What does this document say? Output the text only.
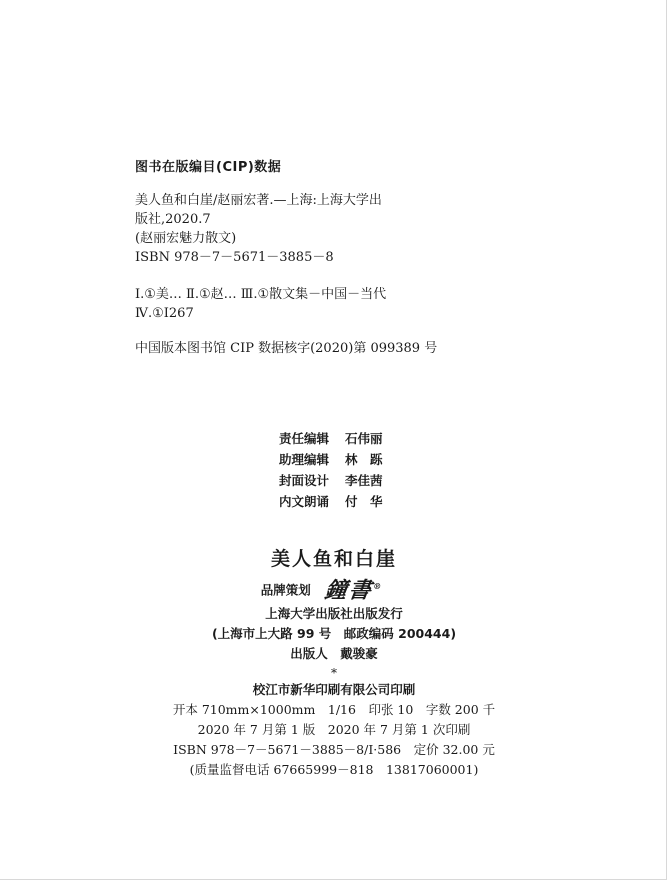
图书在版编目(CIP)数据
美人鱼和白崖/赵丽宏著.—上海:上海大学出
版社,2020.7
(赵丽宏魅力散文)
ISBN 978－7－5671－3885－8
Ⅰ.①美… Ⅱ.①赵… Ⅲ.①散文集－中国－当代
Ⅳ.①I267
中国版本图书馆 CIP 数据核字(2020)第 099389 号
责任编辑 石伟丽
助理编辑 林　跞
封面设计 李佳茜
内文朗诵 付　华
美人鱼和白崖
品牌策划 鐘書®
上海大学出版社出版发行
(上海市上大路 99 号　邮政编码 200444)
出版人　戴骏豪
*
校江市新华印刷有限公司印刷
开本 710mm×1000mm　1/16　印张 10　字数 200 千
2020 年 7 月第 1 版　2020 年 7 月第 1 次印刷
ISBN 978－7－5671－3885－8/I·586　定价 32.00 元
(质量监督电话 67665999－818　13817060001)
